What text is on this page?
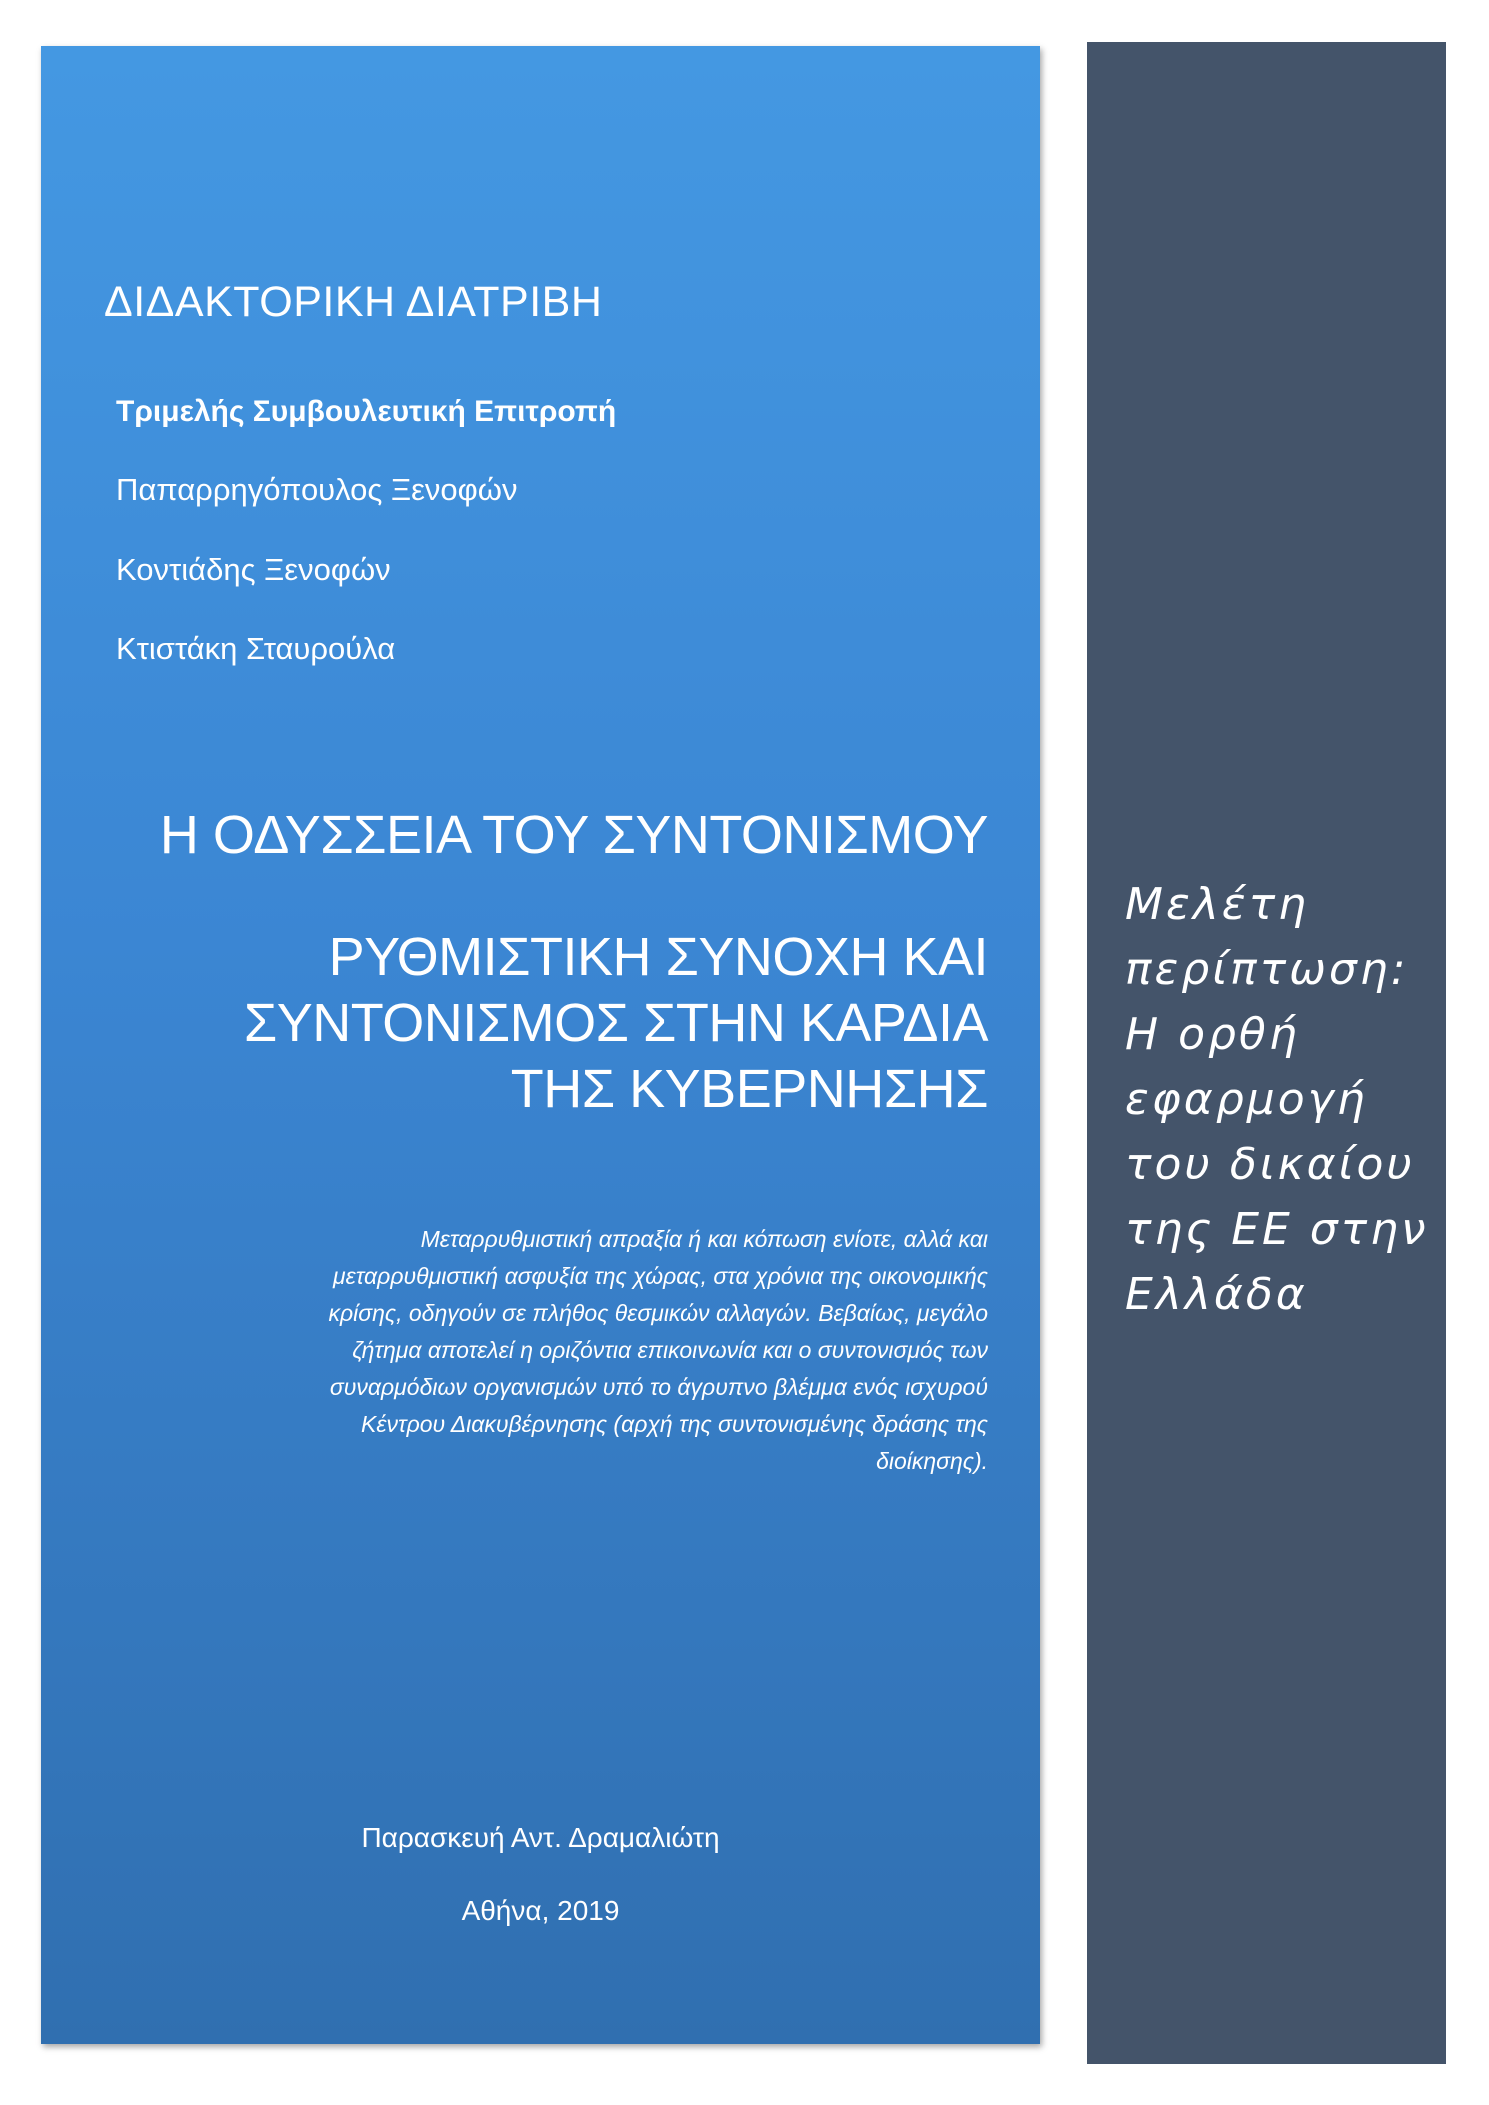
ΔΙΔΑΚΤΟΡΙΚΗ ΔΙΑΤΡΙΒΗ
Τριμελής Συμβουλευτική Επιτροπή
Παπαρρηγόπουλος Ξενοφών
Κοντιάδης Ξενοφών
Κτιστάκη Σταυρούλα
Η ΟΔΥΣΣΕΙΑ ΤΟΥ ΣΥΝΤΟΝΙΣΜΟΥ
ΡΥΘΜΙΣΤΙΚΗ ΣΥΝΟΧΗ ΚΑΙ
ΣΥΝΤΟΝΙΣΜΟΣ ΣΤΗΝ ΚΑΡΔΙΑ
ΤΗΣ ΚΥΒΕΡΝΗΣΗΣ
Μεταρρυθμιστική απραξία ή και κόπωση ενίοτε, αλλά και
μεταρρυθμιστική ασφυξία της χώρας, στα χρόνια της οικονομικής
κρίσης, οδηγούν σε πλήθος θεσμικών αλλαγών. Βεβαίως, μεγάλο
ζήτημα αποτελεί η οριζόντια επικοινωνία και ο συντονισμός των
συναρμόδιων οργανισμών υπό το άγρυπνο βλέμμα ενός ισχυρού
Κέντρου Διακυβέρνησης (αρχή της συντονισμένης δράσης της
διοίκησης).
Παρασκευή Αντ. Δραμαλιώτη
Αθήνα, 2019
Μελέτη
περίπτωση:
Η ορθή
εφαρμογή
του δικαίου
της ΕΕ στην
Ελλάδα
